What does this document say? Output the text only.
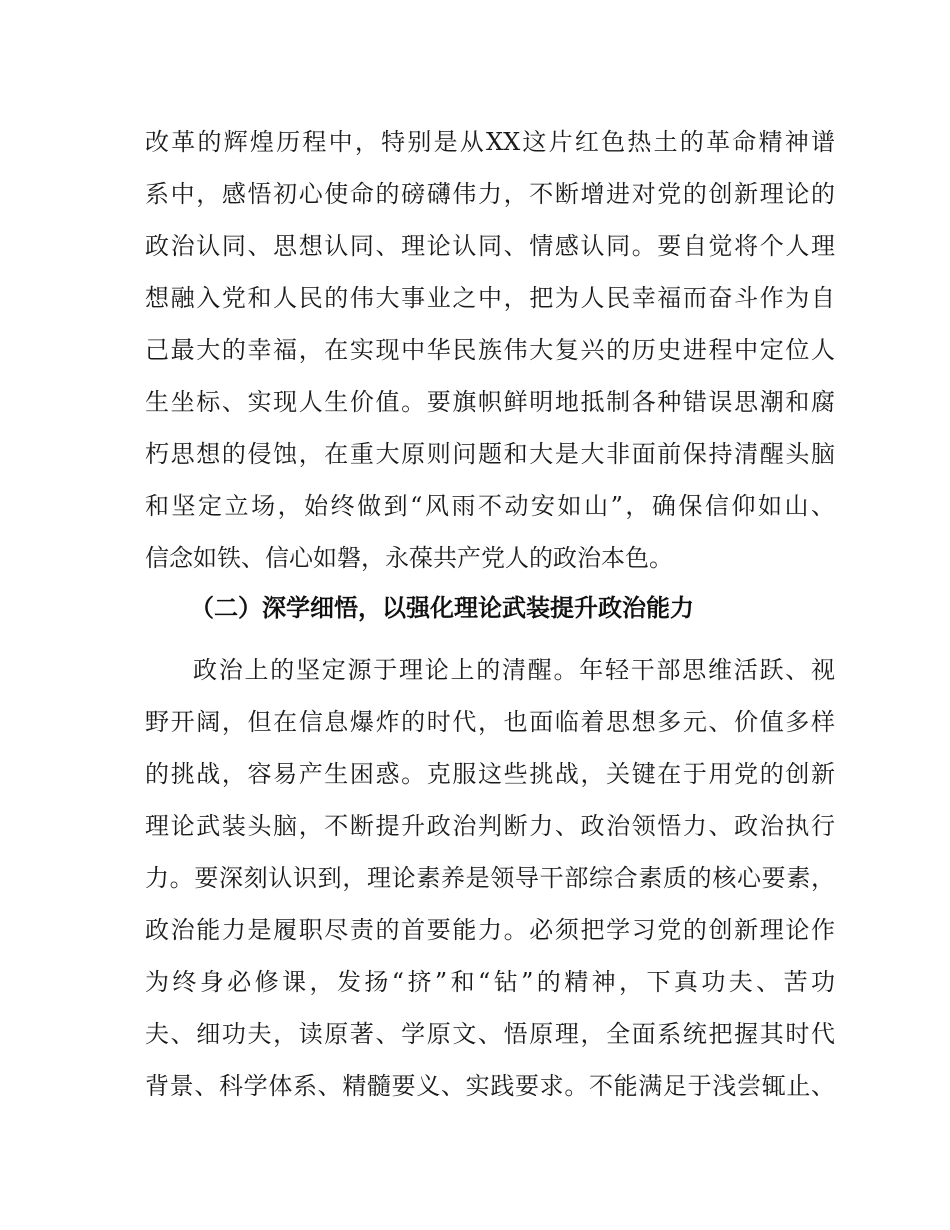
改革的辉煌历程中，特别是从XX这片红色热土的革命精神谱
系中，感悟初心使命的磅礴伟力，不断增进对党的创新理论的
政治认同、思想认同、理论认同、情感认同。要自觉将个人理
想融入党和人民的伟大事业之中，把为人民幸福而奋斗作为自
己最大的幸福，在实现中华民族伟大复兴的历史进程中定位人
生坐标、实现人生价值。要旗帜鲜明地抵制各种错误思潮和腐
朽思想的侵蚀，在重大原则问题和大是大非面前保持清醒头脑
和坚定立场，始终做到“风雨不动安如山”，确保信仰如山、
信念如铁、信心如磐，永葆共产党人的政治本色。
（二）深学细悟，以强化理论武装提升政治能力
政治上的坚定源于理论上的清醒。年轻干部思维活跃、视
野开阔，但在信息爆炸的时代，也面临着思想多元、价值多样
的挑战，容易产生困惑。克服这些挑战，关键在于用党的创新
理论武装头脑，不断提升政治判断力、政治领悟力、政治执行
力。要深刻认识到，理论素养是领导干部综合素质的核心要素，
政治能力是履职尽责的首要能力。必须把学习党的创新理论作
为终身必修课，发扬“挤”和“钻”的精神，下真功夫、苦功
夫、细功夫，读原著、学原文、悟原理，全面系统把握其时代
背景、科学体系、精髓要义、实践要求。不能满足于浅尝辄止、
